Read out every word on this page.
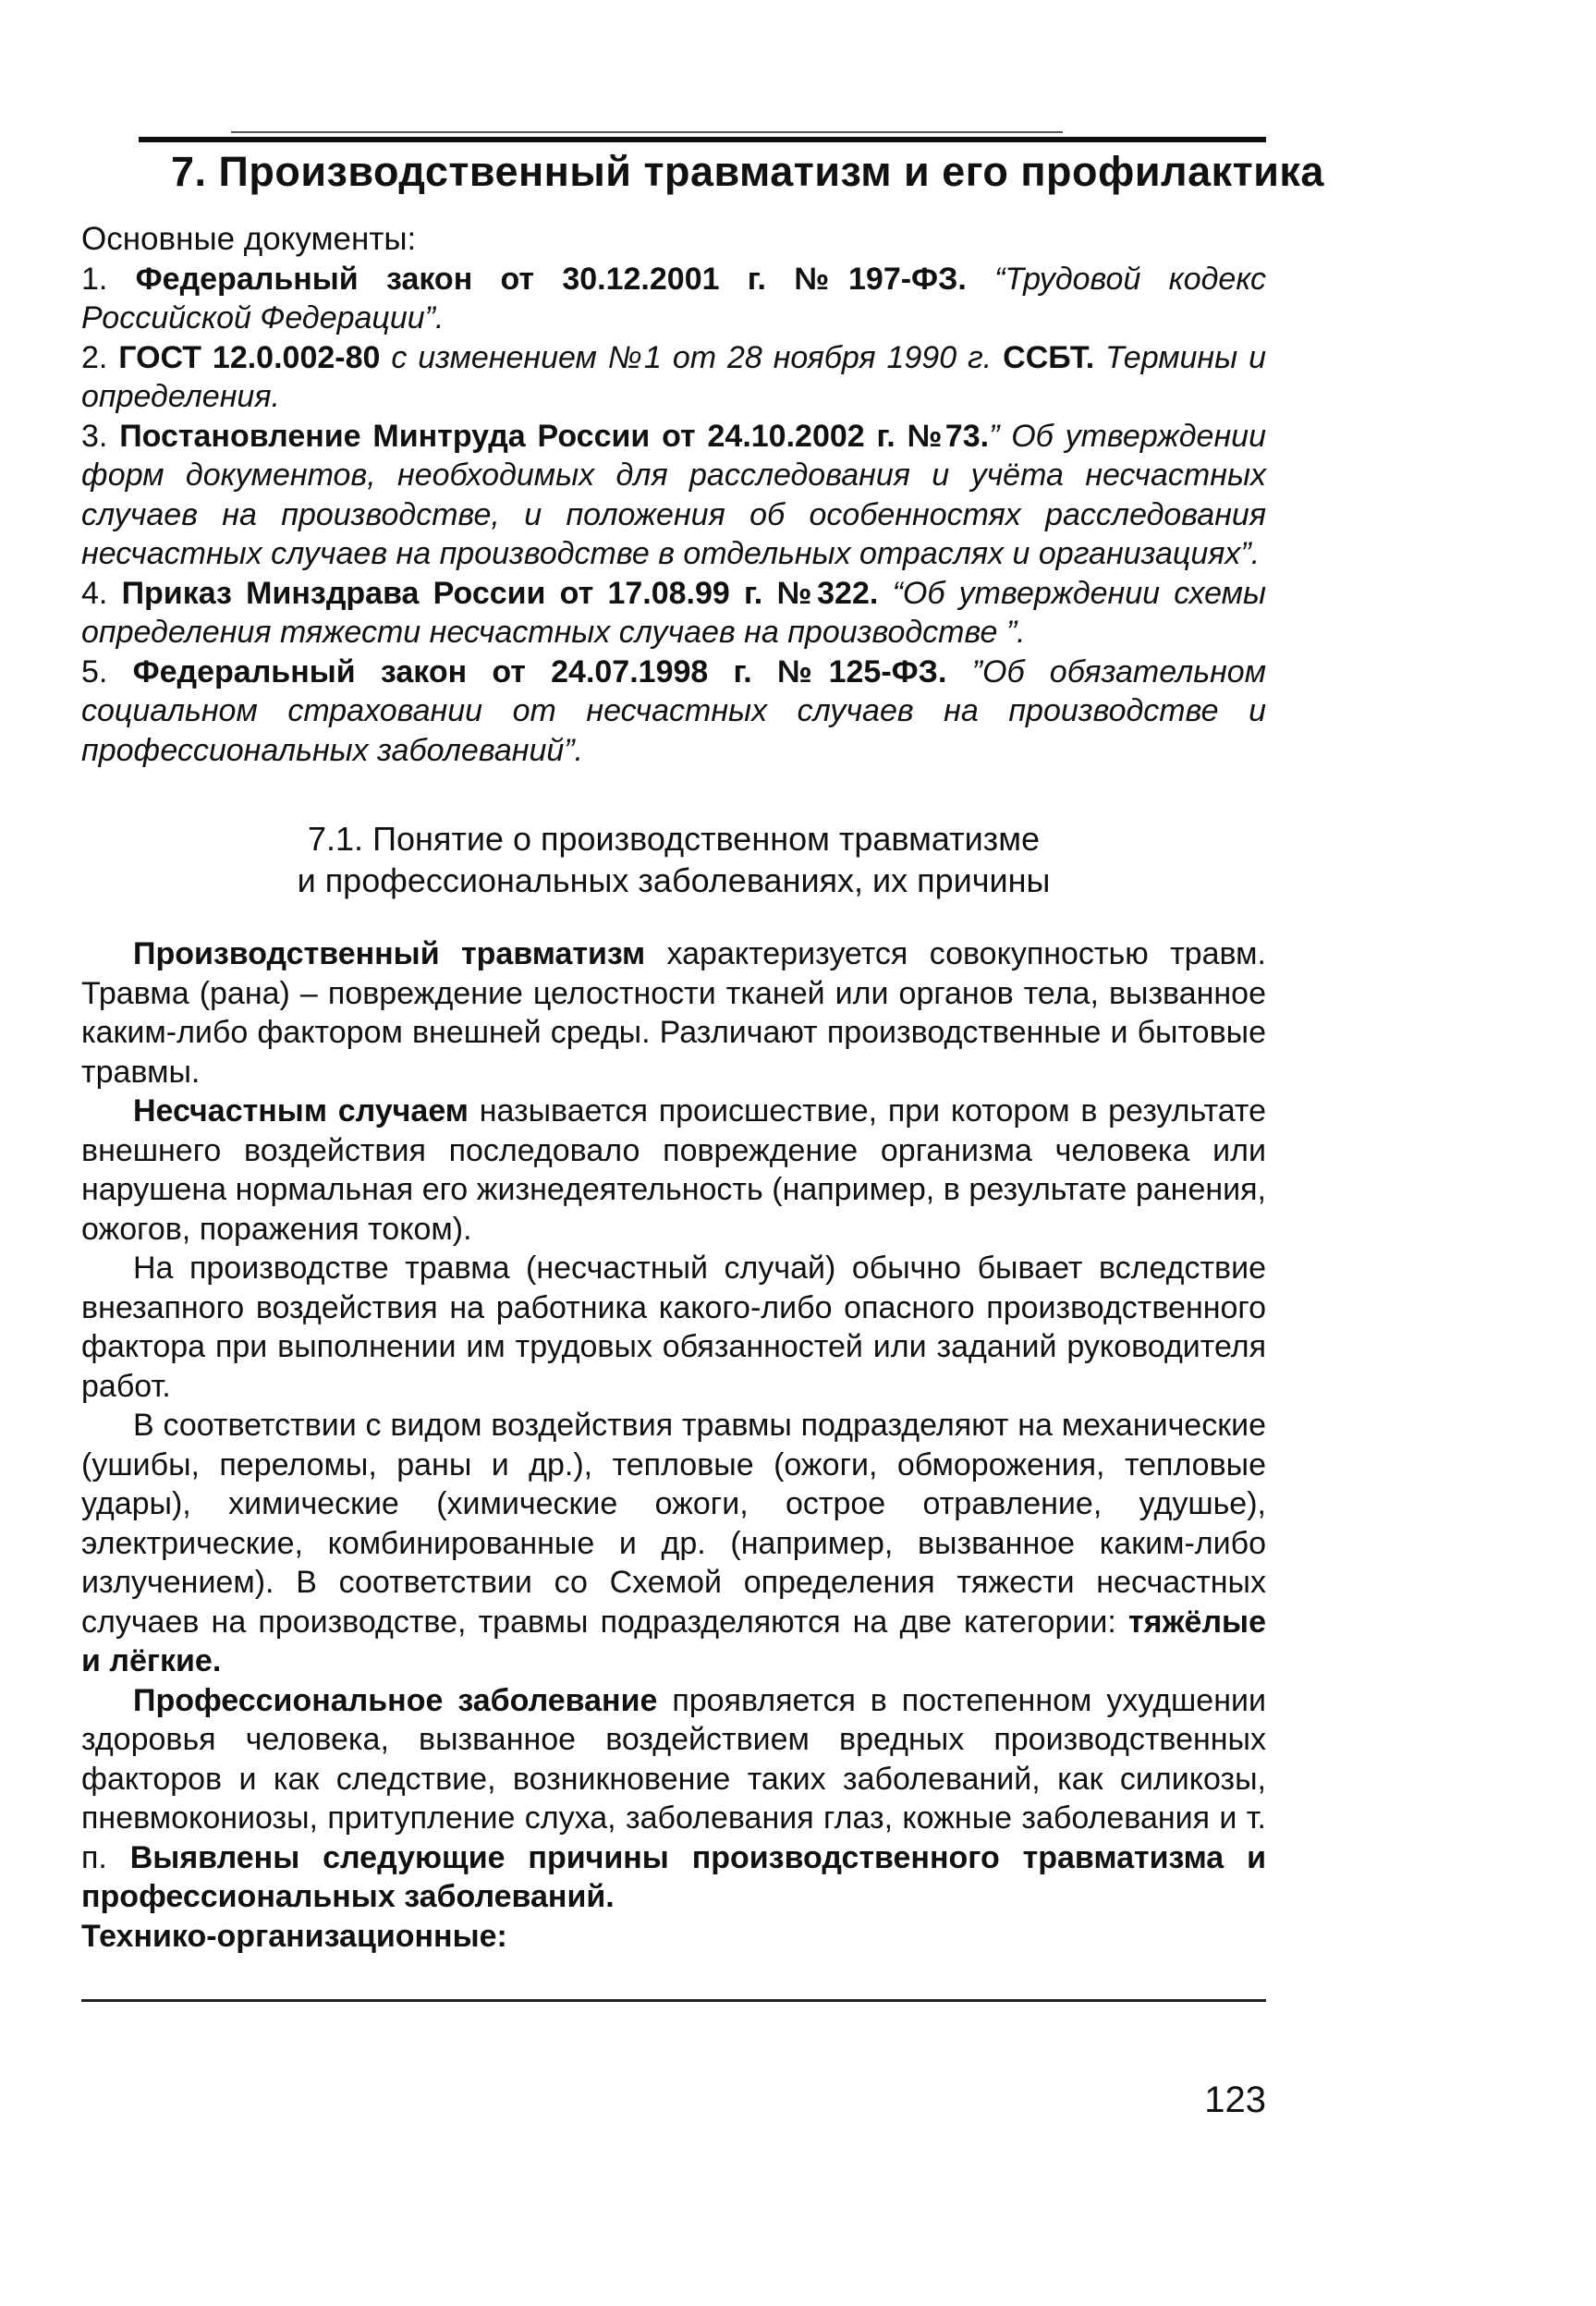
7. Производственный травматизм и его профилактика

Основные документы:

1. Федеральный закон от 30.12.2001 г. №197-ФЗ. “Трудовой кодекс Российской Федерации”.

2. ГОСТ 12.0.002-80 с изменением №1 от 28 ноября 1990 г. ССБТ. Термины и определения.

3. Постановление Минтруда России от 24.10.2002 г. №73.” Об утверждении форм документов, необходимых для расследования и учёта несчастных случаев на производстве, и положения об особенностях расследования несчастных случаев на производстве в отдельных отраслях и организациях”.

4. Приказ Минздрава России от 17.08.99 г. №322. “Об утверждении схемы определения тяжести несчастных случаев на производстве ”.

5. Федеральный закон от 24.07.1998 г. №125-ФЗ. ”Об обязательном социальном страховании от несчастных случаев на производстве и профессиональных заболеваний”.

7.1. Понятие о производственном травматизме
и профессиональных заболеваниях, их причины

Производственный травматизм характеризуется совокупностью травм. Травма (рана) – повреждение целостности тканей или органов тела, вызванное каким-либо фактором внешней среды. Различают производственные и бытовые травмы.

Несчастным случаем называется происшествие, при котором в результате внешнего воздействия последовало повреждение организма человека или нарушена нормальная его жизнедеятельность (например, в результате ранения, ожогов, поражения током).

На производстве травма (несчастный случай) обычно бывает вследствие внезапного воздействия на работника какого-либо опасного производственного фактора при выполнении им трудовых обязанностей или заданий руководителя работ.

В соответствии с видом воздействия травмы подразделяют на механические (ушибы, переломы, раны и др.), тепловые (ожоги, обморожения, тепловые удары), химические (химические ожоги, острое отравление, удушье), электрические, комбинированные и др. (например, вызванное каким-либо излучением). В соответствии со Схемой определения тяжести несчастных случаев на производстве, травмы подразделяются на две категории: тяжёлые и лёгкие.

Профессиональное заболевание проявляется в постепенном ухудшении здоровья человека, вызванное воздействием вредных производственных факторов и как следствие, возникновение таких заболеваний, как силикозы, пневмокониозы, притупление слуха, заболевания глаз, кожные заболевания и т. п. Выявлены следующие причины производственного травматизма и профессиональных заболеваний.

Технико-организационные:

123
